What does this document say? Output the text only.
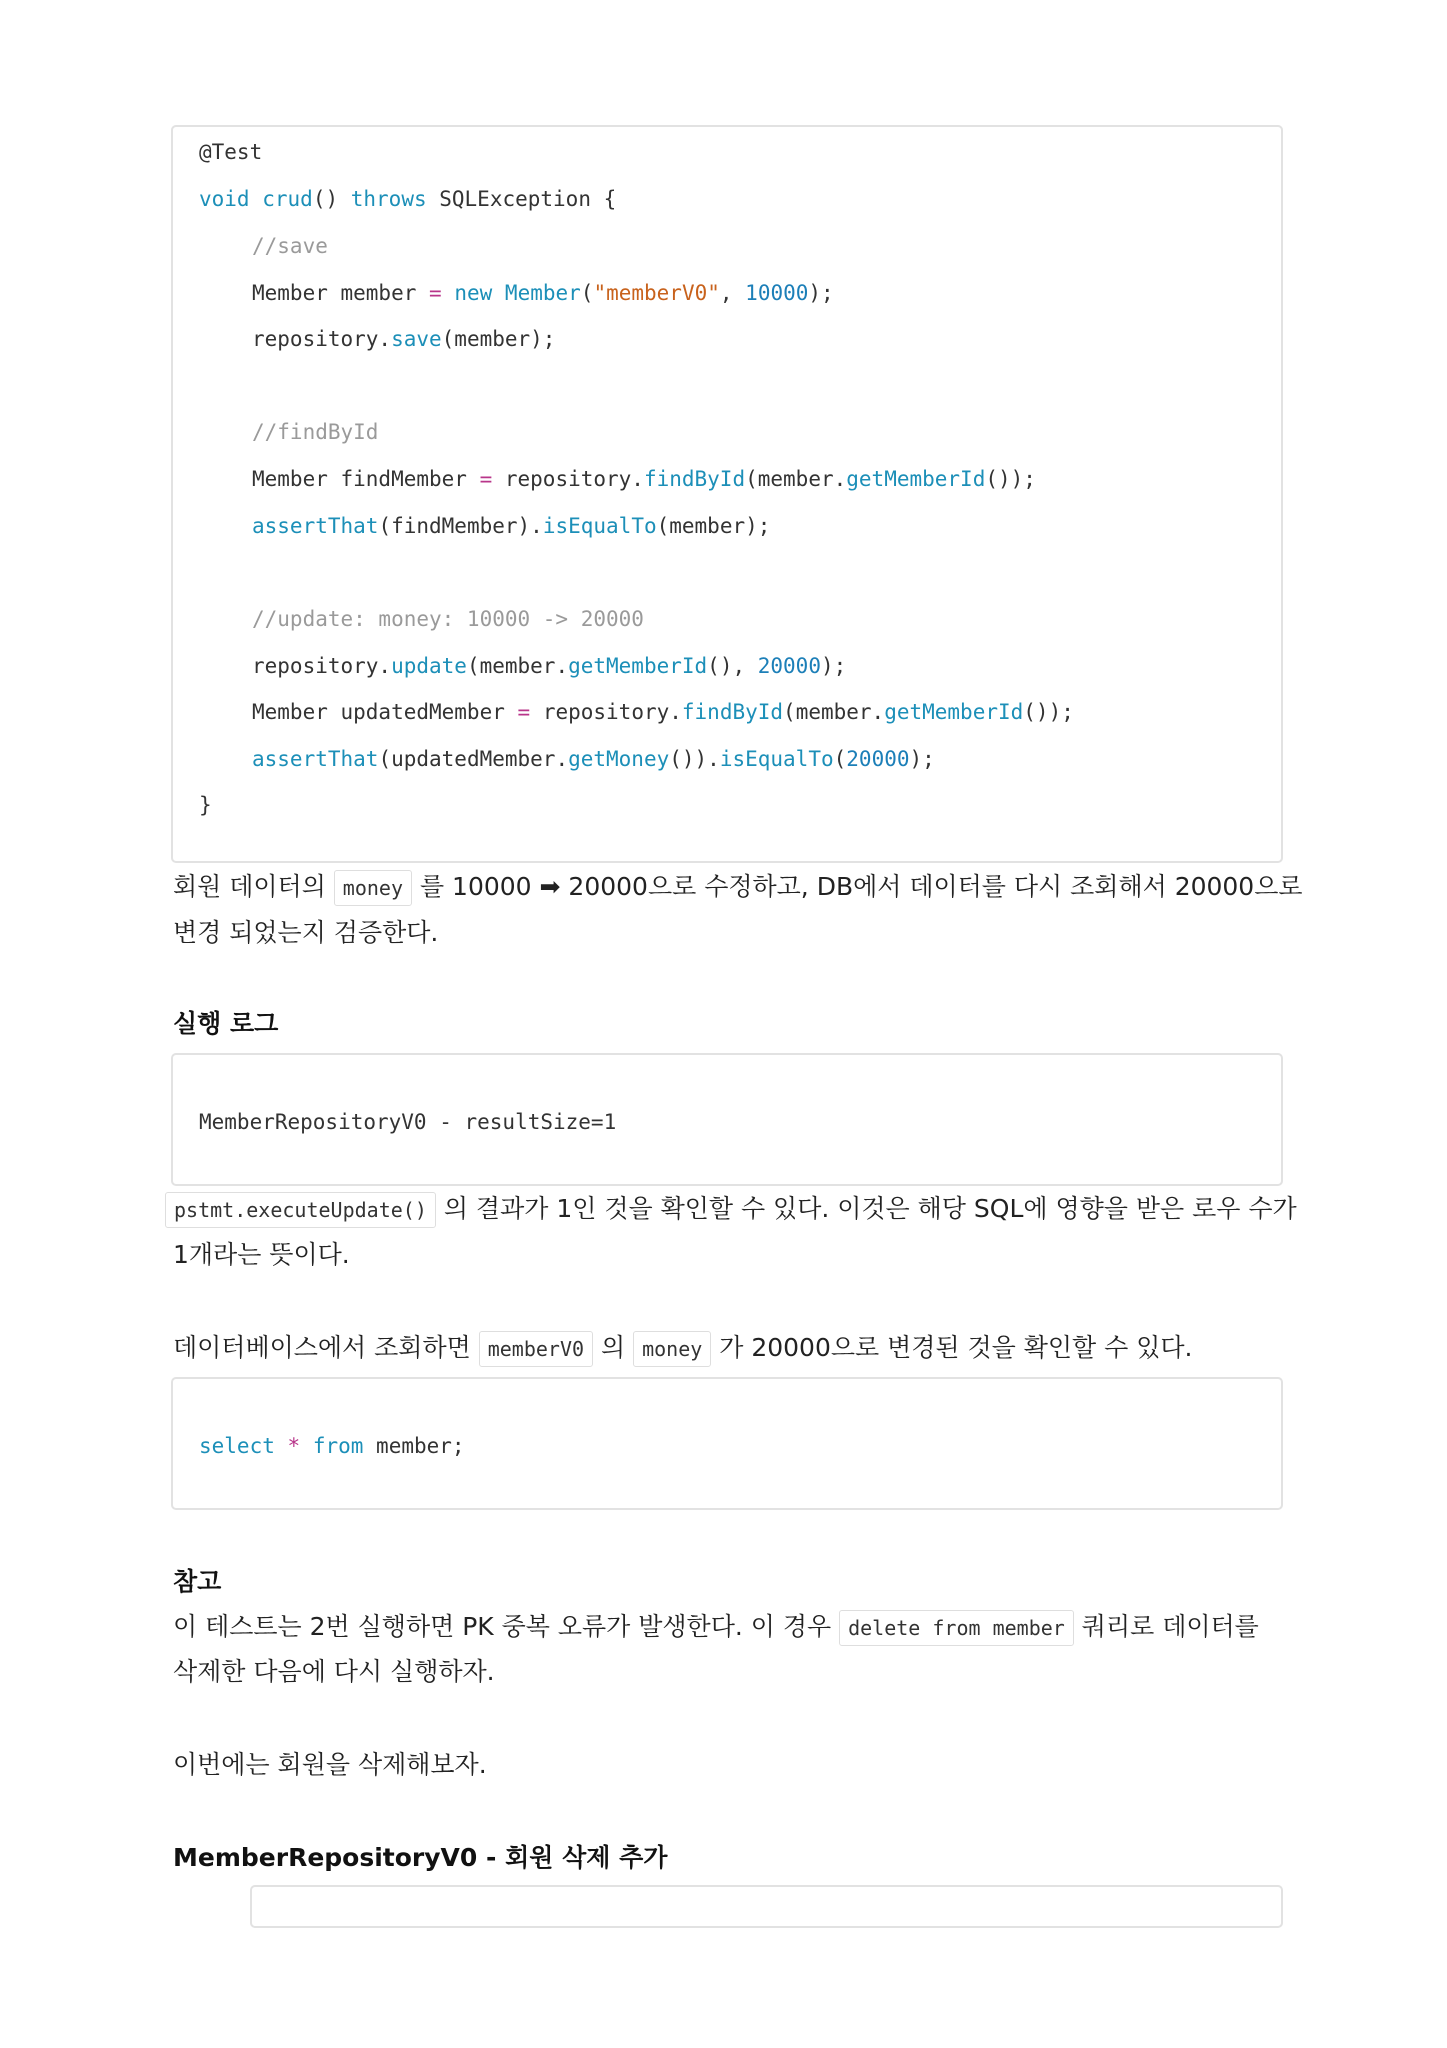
@Test
void crud() throws SQLException {
//save
Member member = new Member("memberV0", 10000);
repository.save(member);
//findById
Member findMember = repository.findById(member.getMemberId());
assertThat(findMember).isEqualTo(member);
//update: money: 10000 -> 20000
repository.update(member.getMemberId(), 20000);
Member updatedMember = repository.findById(member.getMemberId());
assertThat(updatedMember.getMoney()).isEqualTo(20000);
}
회원 데이터의 money 를 10000 ➡ 20000으로 수정하고, DB에서 데이터를 다시 조회해서 20000으로
변경 되었는지 검증한다.
실행 로그
MemberRepositoryV0 - resultSize=1
pstmt.executeUpdate() 의 결과가 1인 것을 확인할 수 있다. 이것은 해당 SQL에 영향을 받은 로우 수가
1개라는 뜻이다.
데이터베이스에서 조회하면 memberV0 의 money 가 20000으로 변경된 것을 확인할 수 있다.
select * from member;
참고
이 테스트는 2번 실행하면 PK 중복 오류가 발생한다. 이 경우 delete from member 쿼리로 데이터를
삭제한 다음에 다시 실행하자.
이번에는 회원을 삭제해보자.
MemberRepositoryV0 - 회원 삭제 추가
